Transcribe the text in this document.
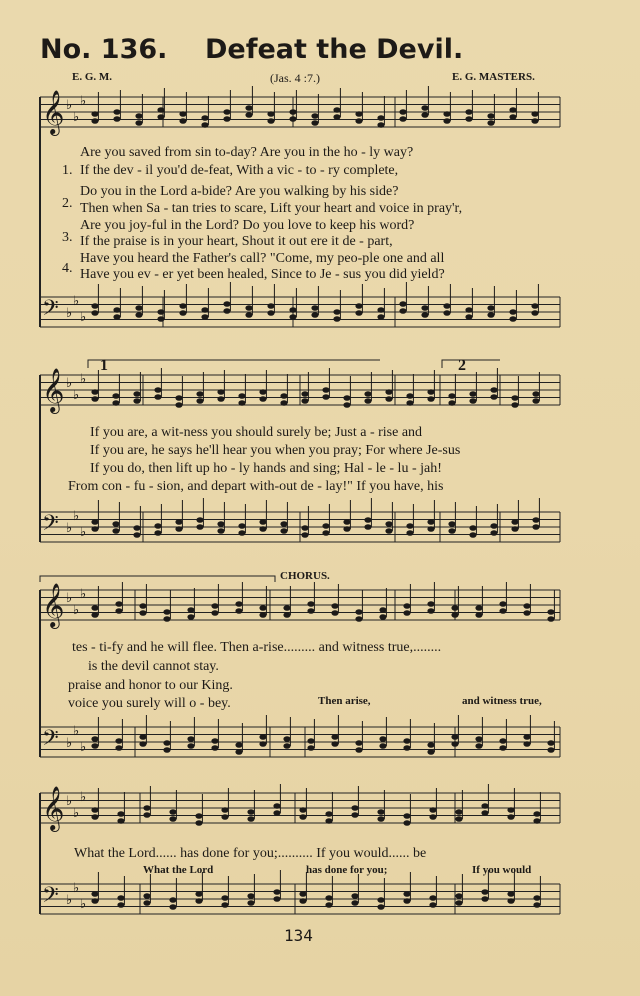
No. 136. Defeat the Devil.
E. G. M.	(Jas. 4 :7.)	E. G. MASTERS.
𝄞 ♭
♭
♭
𝄢 ♭
♭
♭
𝄞 ♭
♭
♭
𝄢 ♭
♭
♭
𝄞 ♭
♭
♭
𝄢 ♭
♭
♭
𝄞 ♭
♭
♭
𝄢 ♭
♭
♭
1.
Are you saved from sin to-day? Are you in the ho - ly way?
If the dev - il you'd de-feat, With a vic - to - ry complete,
2.
Do you in the Lord a-bide? Are you walking by his side?
Then when Sa - tan tries to scare, Lift your heart and voice in pray'r,
3.
Are you joy-ful in the Lord? Do you love to keep his word?
If the praise is in your heart, Shout it out ere it de - part,
4.
Have you heard the Father's call? "Come, my peo-ple one and all
Have you ev - er yet been healed, Since to Je - sus you did yield?
1	2
If you are, a wit-ness you should surely be; Just a - rise and
If you are, he says he'll hear you when you pray; For where Je-sus
If you do, then lift up ho - ly hands and sing; Hal - le - lu - jah!
From con - fu - sion, and depart with-out de - lay!" If you have, his
CHORUS.
tes - ti-fy and he will flee. Then a-rise......... and witness true,........
is the devil cannot stay.
praise and honor to our King.
voice you surely will o - bey.	Then arise,	and witness true,
What the Lord...... has done for you;.......... If you would...... be
What the Lord	has done for you;	If you would
134
